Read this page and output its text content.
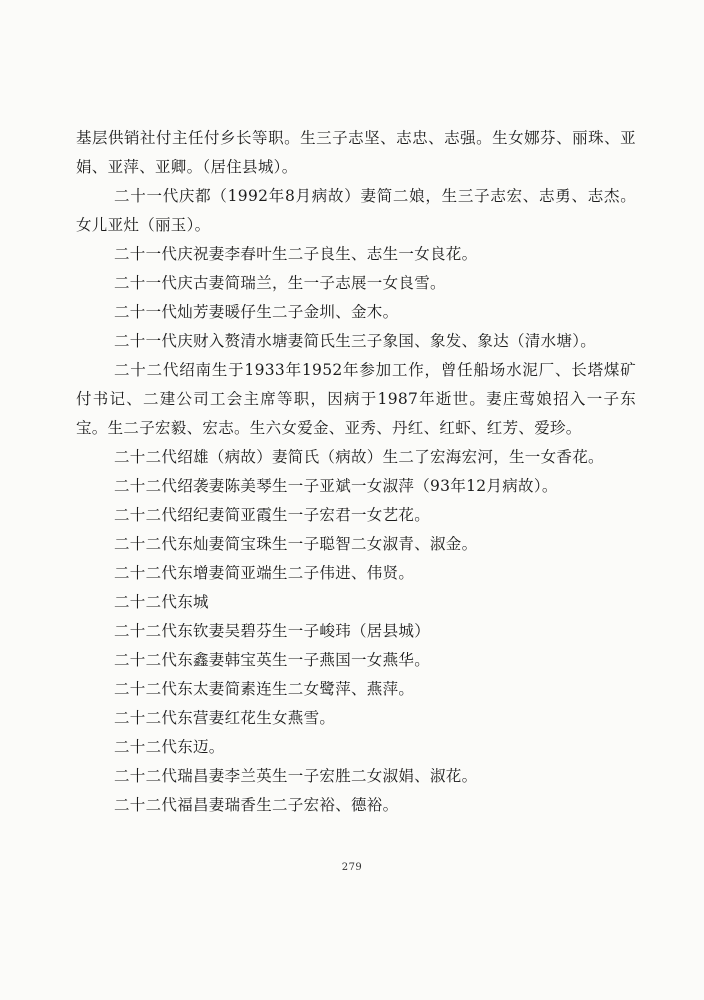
基层供销社付主任付乡长等职。生三子志坚、志忠、志强。生女娜芬、丽珠、亚娟、亚萍、亚卿。（居住县城）。

二十一代庆都（1992年8月病故）妻简二娘，生三子志宏、志勇、志杰。女儿亚灶（丽玉）。

二十一代庆祝妻李春叶生二子良生、志生一女良花。

二十一代庆古妻简瑞兰，生一子志展一女良雪。

二十一代灿芳妻暖仔生二子金圳、金木。

二十一代庆财入赘清水塘妻简氏生三子象国、象发、象达（清水塘）。

二十二代绍南生于1933年1952年参加工作，曾任船场水泥厂、长塔煤矿付书记、二建公司工会主席等职，因病于1987年逝世。妻庄莺娘招入一子东宝。生二子宏毅、宏志。生六女爱金、亚秀、丹红、红虾、红芳、爱珍。

二十二代绍雄（病故）妻简氏（病故）生二了宏海宏河，生一女香花。

二十二代绍袭妻陈美琴生一子亚斌一女淑萍（93年12月病故）。

二十二代绍纪妻简亚霞生一子宏君一女艺花。

二十二代东灿妻简宝珠生一子聪智二女淑青、淑金。

二十二代东增妻简亚端生二子伟进、伟贤。

二十二代东城

二十二代东钦妻吴碧芬生一子峻玮（居县城）

二十二代东鑫妻韩宝英生一子燕国一女燕华。

二十二代东太妻简素连生二女鹭萍、燕萍。

二十二代东营妻红花生女燕雪。

二十二代东迈。

二十二代瑞昌妻李兰英生一子宏胜二女淑娟、淑花。

二十二代福昌妻瑞香生二子宏裕、德裕。

279
